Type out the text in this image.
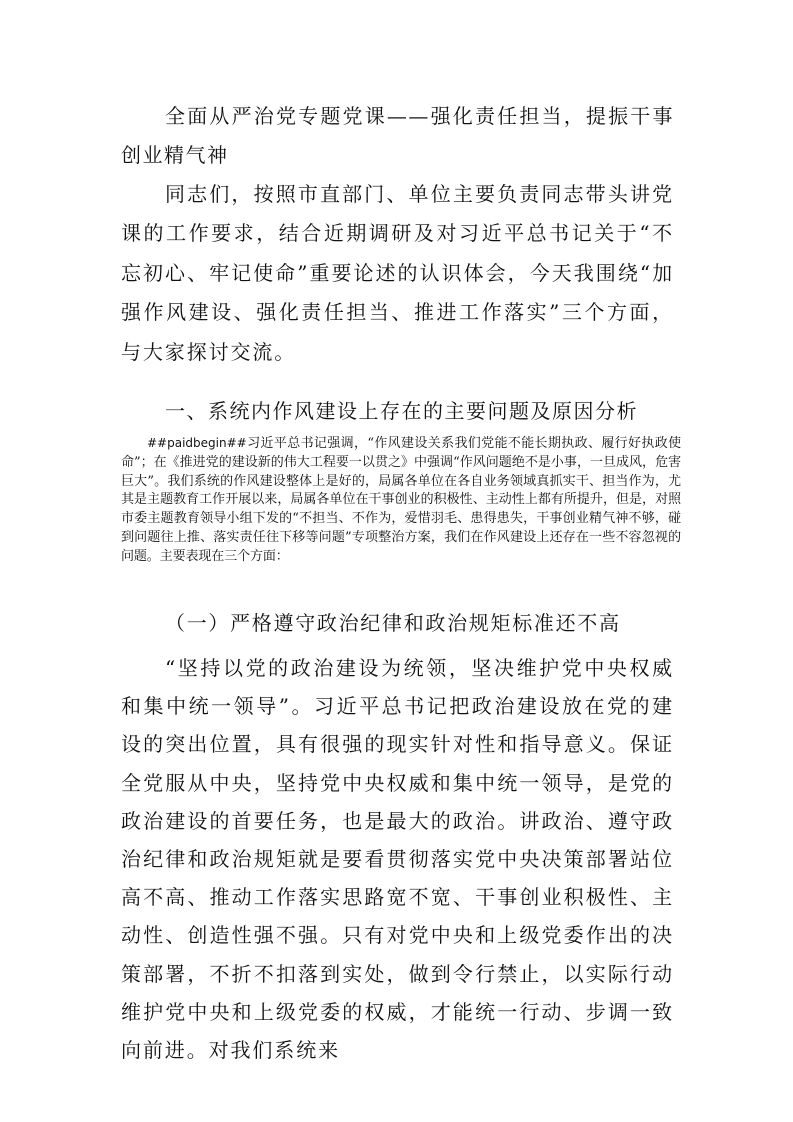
全面从严治党专题党课——强化责任担当，提振干事创业精气神

同志们，按照市直部门、单位主要负责同志带头讲党课的工作要求，结合近期调研及对习近平总书记关于“不忘初心、牢记使命”重要论述的认识体会，今天我围绕“加强作风建设、强化责任担当、推进工作落实”三个方面，与大家探讨交流。

一、系统内作风建设上存在的主要问题及原因分析

##paidbegin##习近平总书记强调，“作风建设关系我们党能不能长期执政、履行好执政使命”；在《推进党的建设新的伟大工程要一以贯之》中强调“作风问题绝不是小事，一旦成风，危害巨大”。我们系统的作风建设整体上是好的，局属各单位在各自业务领域真抓实干、担当作为，尤其是主题教育工作开展以来，局属各单位在干事创业的积极性、主动性上都有所提升，但是，对照市委主题教育领导小组下发的“不担当、不作为，爱惜羽毛、患得患失，干事创业精气神不够，碰到问题往上推、落实责任往下移等问题”专项整治方案，我们在作风建设上还存在一些不容忽视的问题。主要表现在三个方面：

（一）严格遵守政治纪律和政治规矩标准还不高

“坚持以党的政治建设为统领，坚决维护党中央权威和集中统一领导”。习近平总书记把政治建设放在党的建设的突出位置，具有很强的现实针对性和指导意义。保证全党服从中央，坚持党中央权威和集中统一领导，是党的政治建设的首要任务，也是最大的政治。讲政治、遵守政治纪律和政治规矩就是要看贯彻落实党中央决策部署站位高不高、推动工作落实思路宽不宽、干事创业积极性、主动性、创造性强不强。只有对党中央和上级党委作出的决策部署，不折不扣落到实处，做到令行禁止，以实际行动维护党中央和上级党委的权威，才能统一行动、步调一致向前进。对我们系统来
